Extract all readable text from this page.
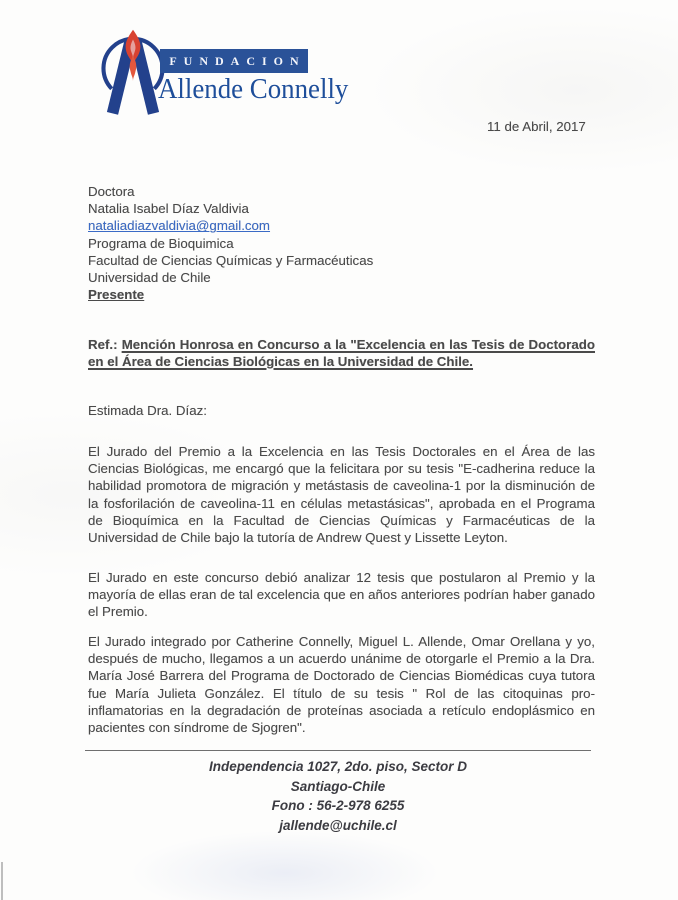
FUNDACION
Allende Connelly
11 de Abril, 2017
Doctora
Natalia Isabel Díaz Valdivia
nataliadiazvaldivia@gmail.com
Programa de Bioquimica
Facultad de Ciencias Químicas y Farmacéuticas
Universidad de Chile
Presente
Ref.: Mención Honrosa en Concurso a la "Excelencia en las Tesis de Doctorado en el Área de Ciencias Biológicas en la Universidad de Chile.
Estimada Dra. Díaz:
El Jurado del Premio a la Excelencia en las Tesis Doctorales en el Área de las Ciencias Biológicas, me encargó que la felicitara por su tesis "E-cadherina reduce la habilidad promotora de migración y metástasis de caveolina-1 por la disminución de la fosforilación de caveolina-11 en células metastásicas", aprobada en el Programa de Bioquímica en la Facultad de Ciencias Químicas y Farmacéuticas de la Universidad de Chile bajo la tutoría de Andrew Quest y Lissette Leyton.
El Jurado en este concurso debió analizar 12 tesis que postularon al Premio y la mayoría de ellas eran de tal excelencia que en años anteriores podrían haber ganado el Premio.
El Jurado integrado por Catherine Connelly, Miguel L. Allende, Omar Orellana y yo, después de mucho, llegamos a un acuerdo unánime de otorgarle el Premio a la Dra. María José Barrera del Programa de Doctorado de Ciencias Biomédicas cuya tutora fue María Julieta González. El título de su tesis " Rol de las citoquinas pro-inflamatorias en la degradación de proteínas asociada a retículo endoplásmico en pacientes con síndrome de Sjogren".
Independencia 1027, 2do. piso, Sector D
Santiago-Chile
Fono : 56-2-978 6255
jallende@uchile.cl
